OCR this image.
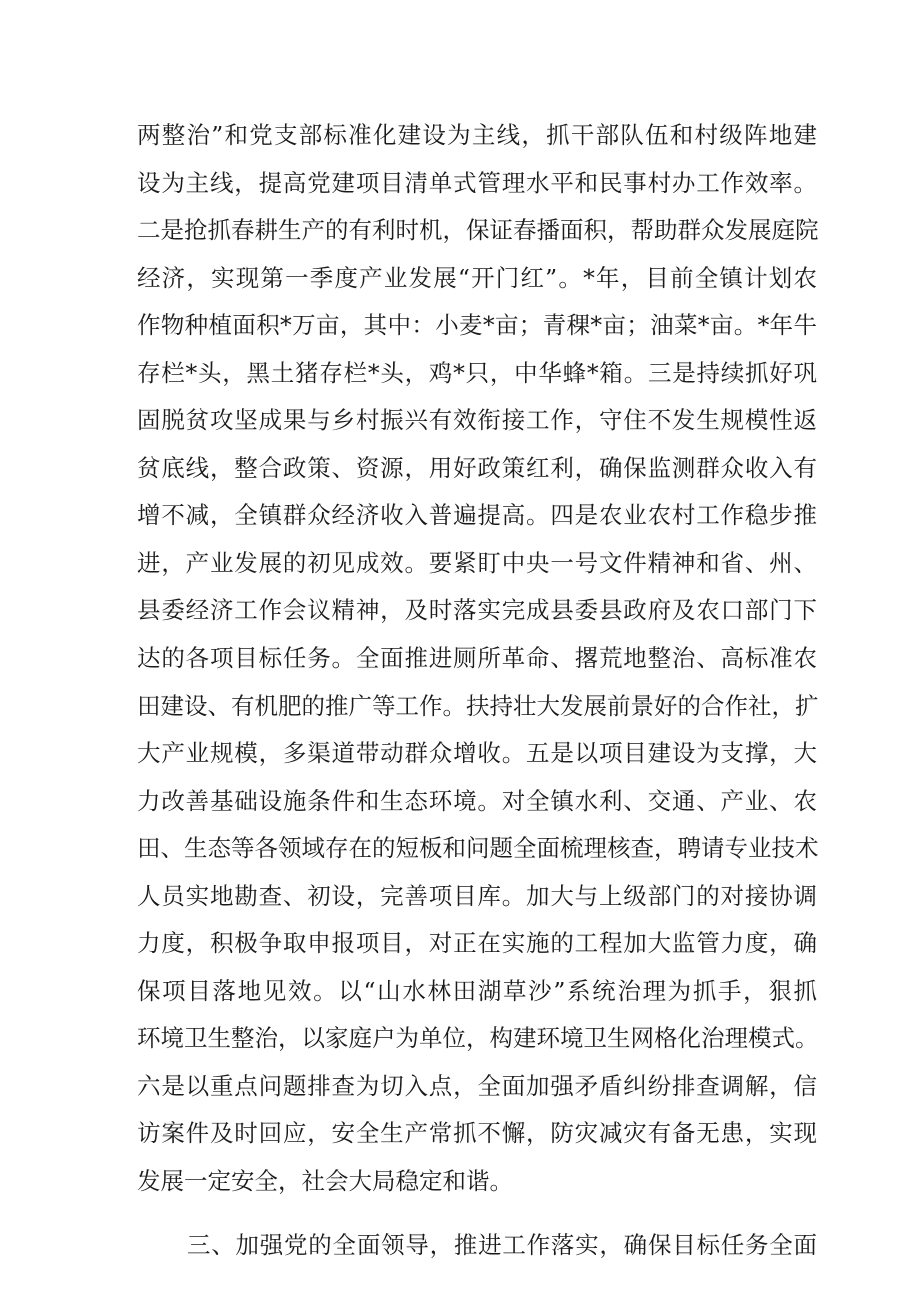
两整治”和党支部标准化建设为主线，抓干部队伍和村级阵地建
设为主线，提高党建项目清单式管理水平和民事村办工作效率。
二是抢抓春耕生产的有利时机，保证春播面积，帮助群众发展庭院
经济，实现第一季度产业发展“开门红”。*年，目前全镇计划农
作物种植面积*万亩，其中：小麦*亩；青稞*亩；油菜*亩。*年牛
存栏*头，黑土猪存栏*头，鸡*只，中华蜂*箱。三是持续抓好巩
固脱贫攻坚成果与乡村振兴有效衔接工作，守住不发生规模性返
贫底线，整合政策、资源，用好政策红利，确保监测群众收入有
增不减，全镇群众经济收入普遍提高。四是农业农村工作稳步推
进，产业发展的初见成效。要紧盯中央一号文件精神和省、州、
县委经济工作会议精神，及时落实完成县委县政府及农口部门下
达的各项目标任务。全面推进厕所革命、撂荒地整治、高标准农
田建设、有机肥的推广等工作。扶持壮大发展前景好的合作社，扩
大产业规模，多渠道带动群众增收。五是以项目建设为支撑，大
力改善基础设施条件和生态环境。对全镇水利、交通、产业、农
田、生态等各领域存在的短板和问题全面梳理核查，聘请专业技术
人员实地勘查、初设，完善项目库。加大与上级部门的对接协调
力度，积极争取申报项目，对正在实施的工程加大监管力度，确
保项目落地见效。以“山水林田湖草沙”系统治理为抓手，狠抓
环境卫生整治，以家庭户为单位，构建环境卫生网格化治理模式。
六是以重点问题排查为切入点，全面加强矛盾纠纷排查调解，信
访案件及时回应，安全生产常抓不懈，防灾减灾有备无患，实现
发展一定安全，社会大局稳定和谐。
三、加强党的全面领导，推进工作落实，确保目标任务全面
